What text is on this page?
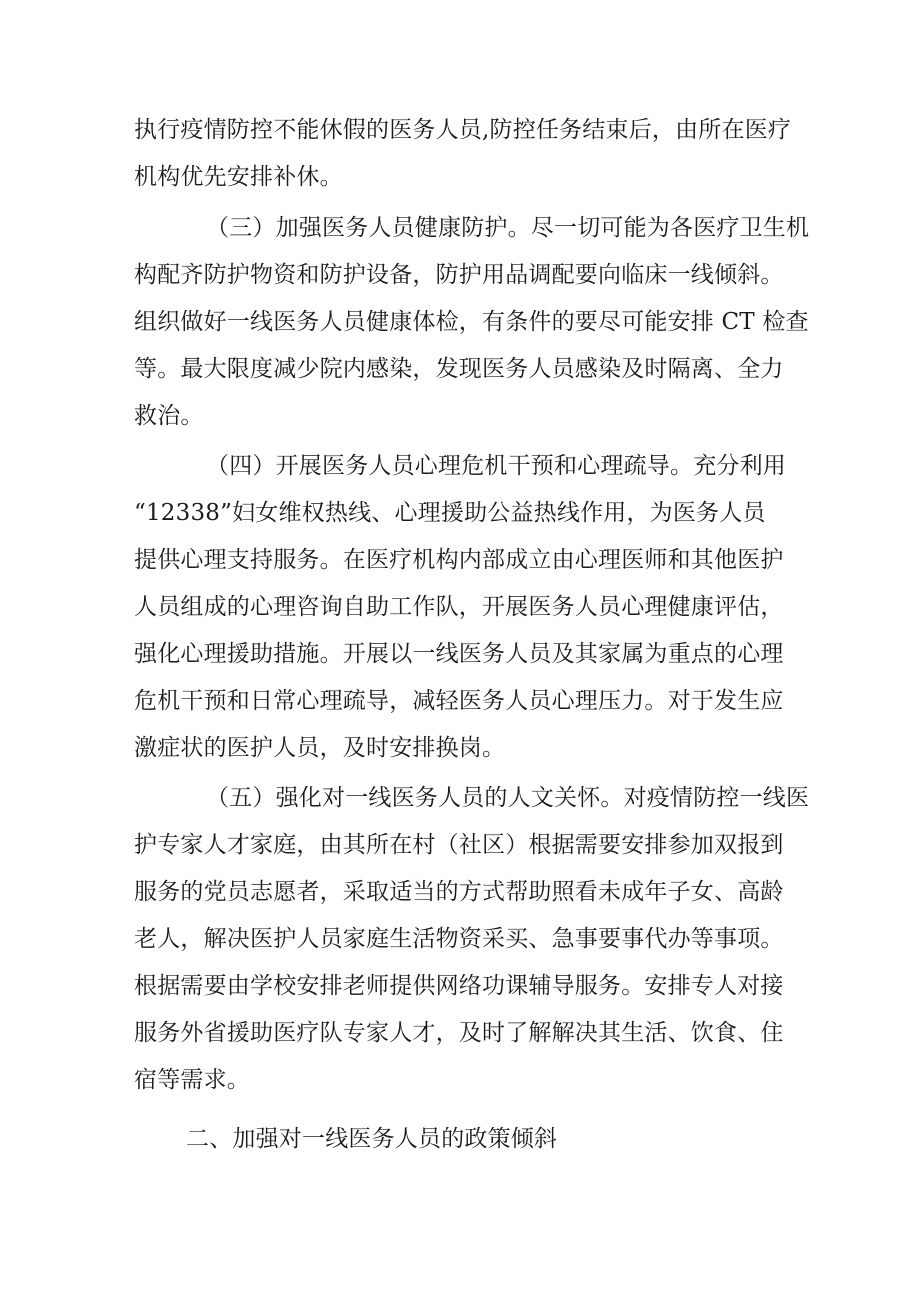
执行疫情防控不能休假的医务人员,防控任务结束后，由所在医疗
机构优先安排补休。
（三）加强医务人员健康防护。尽一切可能为各医疗卫生机
构配齐防护物资和防护设备，防护用品调配要向临床一线倾斜。
组织做好一线医务人员健康体检，有条件的要尽可能安排 CT 检查
等。最大限度减少院内感染，发现医务人员感染及时隔离、全力
救治。
（四）开展医务人员心理危机干预和心理疏导。充分利用
“12338”妇女维权热线、心理援助公益热线作用，为医务人员
提供心理支持服务。在医疗机构内部成立由心理医师和其他医护
人员组成的心理咨询自助工作队，开展医务人员心理健康评估，
强化心理援助措施。开展以一线医务人员及其家属为重点的心理
危机干预和日常心理疏导，减轻医务人员心理压力。对于发生应
激症状的医护人员，及时安排换岗。
（五）强化对一线医务人员的人文关怀。对疫情防控一线医
护专家人才家庭，由其所在村（社区）根据需要安排参加双报到
服务的党员志愿者，采取适当的方式帮助照看未成年子女、高龄
老人，解决医护人员家庭生活物资采买、急事要事代办等事项。
根据需要由学校安排老师提供网络功课辅导服务。安排专人对接
服务外省援助医疗队专家人才，及时了解解决其生活、饮食、住
宿等需求。
二、加强对一线医务人员的政策倾斜
